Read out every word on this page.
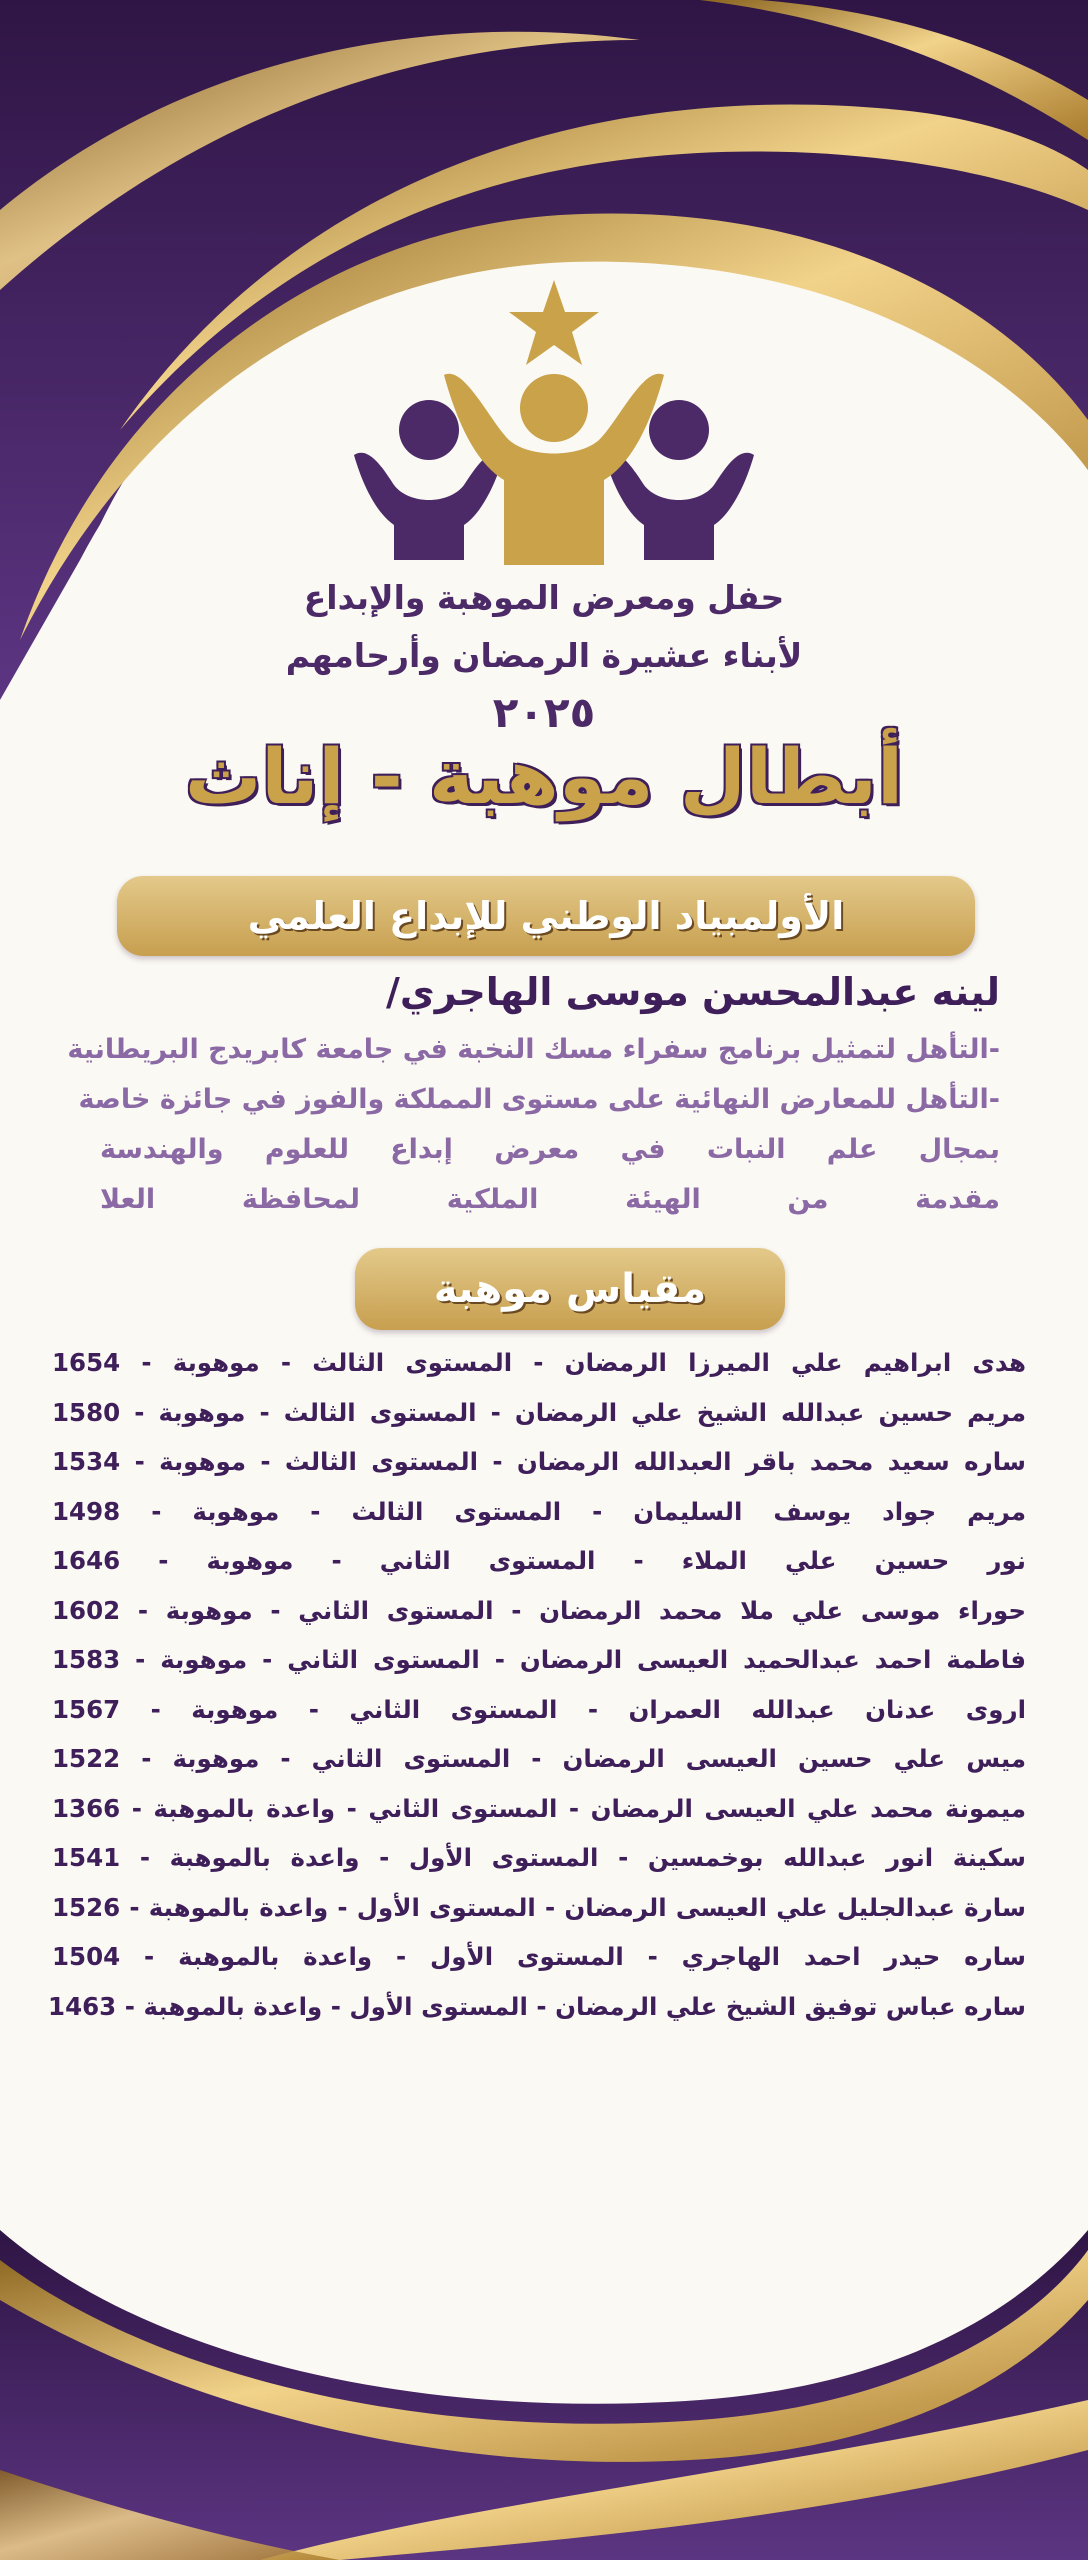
حفل ومعرض الموهبة والإبداع
لأبناء عشيرة الرمضان وأرحامهم
٢٠٢٥
أبطال موهبة - إناث
الأولمبياد الوطني للإبداع العلمي
لينه عبدالمحسن موسى الهاجري/
-التأهل لتمثيل برنامج سفراء مسك النخبة في جامعة كابريدج البريطانية
-التأهل للمعارض النهائية على مستوى المملكة والفوز في جائزة خاصة
بمجال علم النبات في معرض إبداع للعلوم والهندسة
مقدمة من الهيئة الملكية لمحافظة العلا
مقياس موهبة
هدى ابراهيم علي الميرزا الرمضان - المستوى الثالث - موهوبة - 1654
مريم حسين عبدالله الشيخ علي الرمضان - المستوى الثالث - موهوبة - 1580
ساره سعيد محمد باقر العبدالله الرمضان - المستوى الثالث - موهوبة - 1534
مريم جواد يوسف السليمان - المستوى الثالث - موهوبة - 1498
نور حسين علي الملاء - المستوى الثاني - موهوبة - 1646
حوراء موسى علي ملا محمد الرمضان - المستوى الثاني - موهوبة - 1602
فاطمة احمد عبدالحميد العيسى الرمضان - المستوى الثاني - موهوبة - 1583
اروى عدنان عبدالله العمران - المستوى الثاني - موهوبة - 1567
ميس علي حسين العيسى الرمضان - المستوى الثاني - موهوبة - 1522
ميمونة محمد علي العيسى الرمضان - المستوى الثاني - واعدة بالموهبة - 1366
سكينة انور عبدالله بوخمسين - المستوى الأول - واعدة بالموهبة - 1541
سارة عبدالجليل علي العيسى الرمضان - المستوى الأول - واعدة بالموهبة - 1526
ساره حيدر احمد الهاجري - المستوى الأول - واعدة بالموهبة - 1504
ساره عباس توفيق الشيخ علي الرمضان - المستوى الأول - واعدة بالموهبة - 1463
